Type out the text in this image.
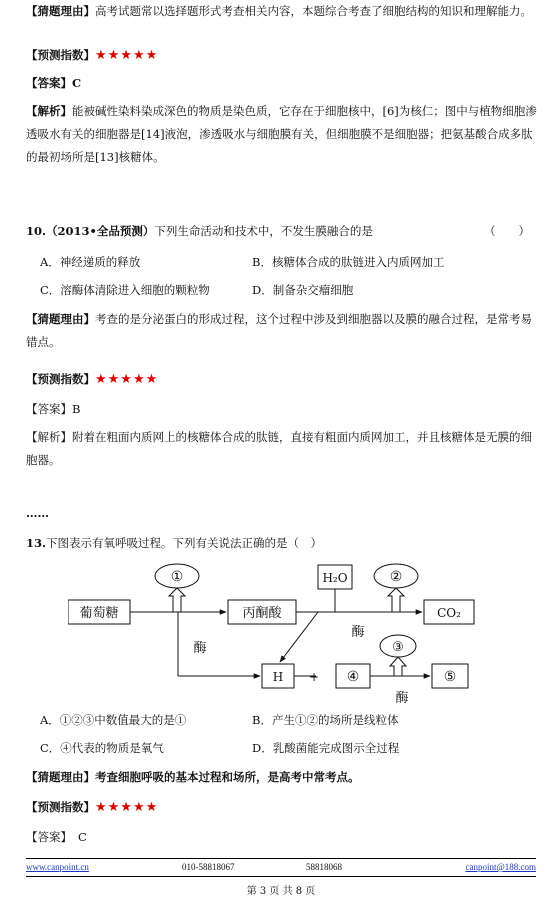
【猜题理由】高考试题常以选择题形式考查相关内容，本题综合考查了细胞结构的知识和理解能力。
【预测指数】★★★★★
【答案】C
【解析】能被碱性染料染成深色的物质是染色质，它存在于细胞核中，[6]为核仁；图中与植物细胞渗透吸水有关的细胞器是[14]液泡，渗透吸水与细胞膜有关，但细胞膜不是细胞器；把氨基酸合成多肽的最初场所是[13]核糖体。
10.（2013•全品预测）下列生命活动和技术中，不发生膜融合的是	（　　）
A．神经递质的释放	B．核糖体合成的肽链进入内质网加工
C．溶酶体清除进入细胞的颗粒物	D．制备杂交瘤细胞
【猜题理由】考查的是分泌蛋白的形成过程，这个过程中涉及到细胞器以及膜的融合过程，是常考易错点。
【预测指数】★★★★★
【答案】B
【解析】附着在粗面内质网上的核糖体合成的肽链，直接有粗面内质网加工，并且核糖体是无膜的细胞器。
……
13.下图表示有氧呼吸过程。下列有关说法正确的是（　）
葡萄糖	丙酮酸
H₂O
CO₂
H + ④	⑤
①	②
③
酶
酶
酶
A．①②③中数值最大的是①	B．产生①②的场所是线粒体
C．④代表的物质是氧气	D．乳酸菌能完成图示全过程
【猜题理由】考查细胞呼吸的基本过程和场所，是高考中常考点。
【预测指数】★★★★★
【答案】 C
www.canpoint.cn	010-58818067	58818068	canpoint@188.com
第 3 页 共 8 页
